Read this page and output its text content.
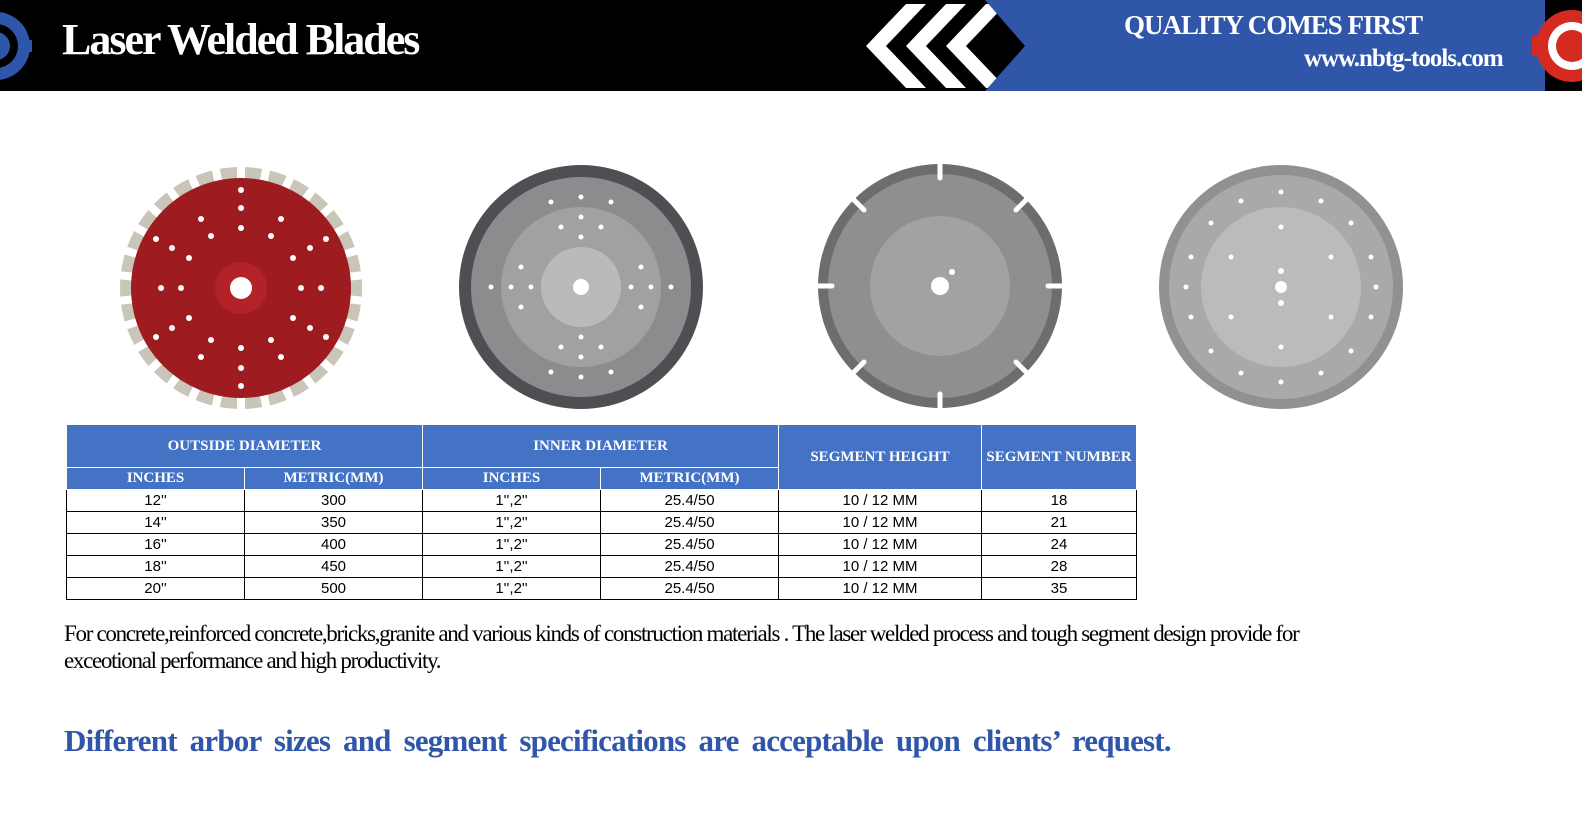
Laser Welded Blades	QUALITY COMES FIRST
www.nbtg-tools.com
OUTSIDE DIAMETER		INNER DIAMETER		SEGMENT HEIGHT	SEGMENT NUMBER
INCHES	METRIC(MM)	INCHES	METRIC(MM)		
12''	300	1'',2''	25.4/50	10 / 12 MM	18
14''	350	1'',2''	25.4/50	10 / 12 MM	21
16''	400	1'',2''	25.4/50	10 / 12 MM	24
18''	450	1'',2''	25.4/50	10 / 12 MM	28
20''	500	1'',2''	25.4/50	10 / 12 MM	35
For concrete,reinforced concrete,bricks,granite and various kinds of construction materials . The laser welded process and tough segment design provide for exceotional performance and high productivity.
Different arbor sizes and segment specifications are acceptable upon clients’ request.
